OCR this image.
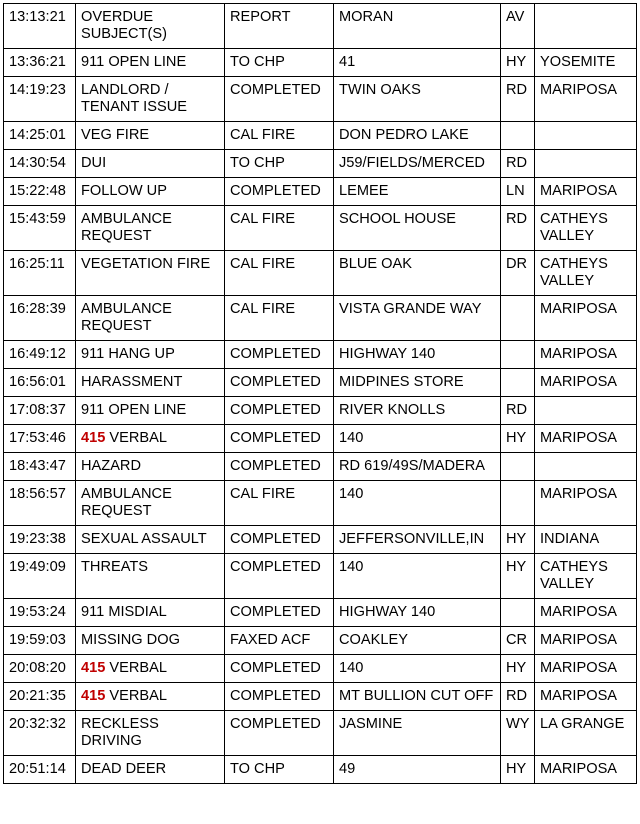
13:13:21	OVERDUE SUBJECT(S)	REPORT	MORAN	AV	
13:36:21	911 OPEN LINE	TO CHP	41	HY	YOSEMITE
14:19:23	LANDLORD / TENANT ISSUE	COMPLETED	TWIN OAKS	RD	MARIPOSA
14:25:01	VEG FIRE	CAL FIRE	DON PEDRO LAKE		
14:30:54	DUI	TO CHP	J59/FIELDS/MERCED	RD	
15:22:48	FOLLOW UP	COMPLETED	LEMEE	LN	MARIPOSA
15:43:59	AMBULANCE REQUEST	CAL FIRE	SCHOOL HOUSE	RD	CATHEYS VALLEY
16:25:11	VEGETATION FIRE	CAL FIRE	BLUE OAK	DR	CATHEYS VALLEY
16:28:39	AMBULANCE REQUEST	CAL FIRE	VISTA GRANDE WAY		MARIPOSA
16:49:12	911 HANG UP	COMPLETED	HIGHWAY 140		MARIPOSA
16:56:01	HARASSMENT	COMPLETED	MIDPINES STORE		MARIPOSA
17:08:37	911 OPEN LINE	COMPLETED	RIVER KNOLLS	RD	
17:53:46	415 VERBAL	COMPLETED	140	HY	MARIPOSA
18:43:47	HAZARD	COMPLETED	RD 619/49S/MADERA		
18:56:57	AMBULANCE REQUEST	CAL FIRE	140		MARIPOSA
19:23:38	SEXUAL ASSAULT	COMPLETED	JEFFERSONVILLE,IN	HY	INDIANA
19:49:09	THREATS	COMPLETED	140	HY	CATHEYS VALLEY
19:53:24	911 MISDIAL	COMPLETED	HIGHWAY 140		MARIPOSA
19:59:03	MISSING DOG	FAXED ACF	COAKLEY	CR	MARIPOSA
20:08:20	415 VERBAL	COMPLETED	140	HY	MARIPOSA
20:21:35	415 VERBAL	COMPLETED	MT BULLION CUT OFF	RD	MARIPOSA
20:32:32	RECKLESS DRIVING	COMPLETED	JASMINE	WY	LA GRANGE
20:51:14	DEAD DEER	TO CHP	49	HY	MARIPOSA
